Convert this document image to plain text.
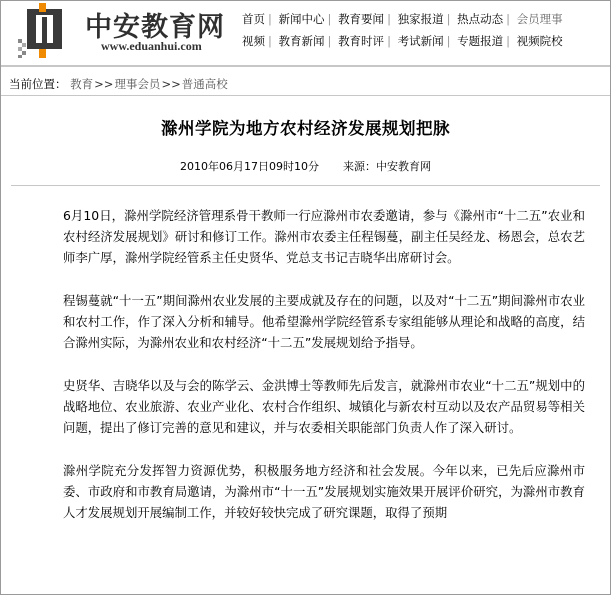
中安教育网
www.eduanhui.com
首页 | 新闻中心 | 教育要闻 | 独家报道 | 热点动态 | 会员理事
视频 | 教育新闻 | 教育时评 | 考试新闻 | 专题报道 | 视频院校
当前位置： 教育>>理事会员>>普通高校
滁州学院为地方农村经济发展规划把脉
2010年06月17日09时10分 来源：中安教育网

6月10日，滁州学院经济管理系骨干教师一行应滁州市农委邀请，参与《滁州市“十二五”农业和农村经济发展规划》研讨和修订工作。滁州市农委主任程锡蔓，副主任吴经龙、杨恩会，总农艺师李广厚，滁州学院经管系主任史贤华、党总支书记吉晓华出席研讨会。

程锡蔓就“十一五”期间滁州农业发展的主要成就及存在的问题，以及对“十二五”期间滁州市农业和农村工作，作了深入分析和辅导。他希望滁州学院经管系专家组能够从理论和战略的高度，结合滁州实际，为滁州农业和农村经济“十二五”发展规划给予指导。

史贤华、吉晓华以及与会的陈学云、金洪博士等教师先后发言，就滁州市农业“十二五”规划中的战略地位、农业旅游、农业产业化、农村合作组织、城镇化与新农村互动以及农产品贸易等相关问题，提出了修订完善的意见和建议，并与农委相关职能部门负责人作了深入研讨。

滁州学院充分发挥智力资源优势，积极服务地方经济和社会发展。今年以来，已先后应滁州市委、市政府和市教育局邀请，为滁州市“十一五”发展规划实施效果开展评价研究，为滁州市教育人才发展规划开展编制工作，并较好较快完成了研究课题，取得了预期
